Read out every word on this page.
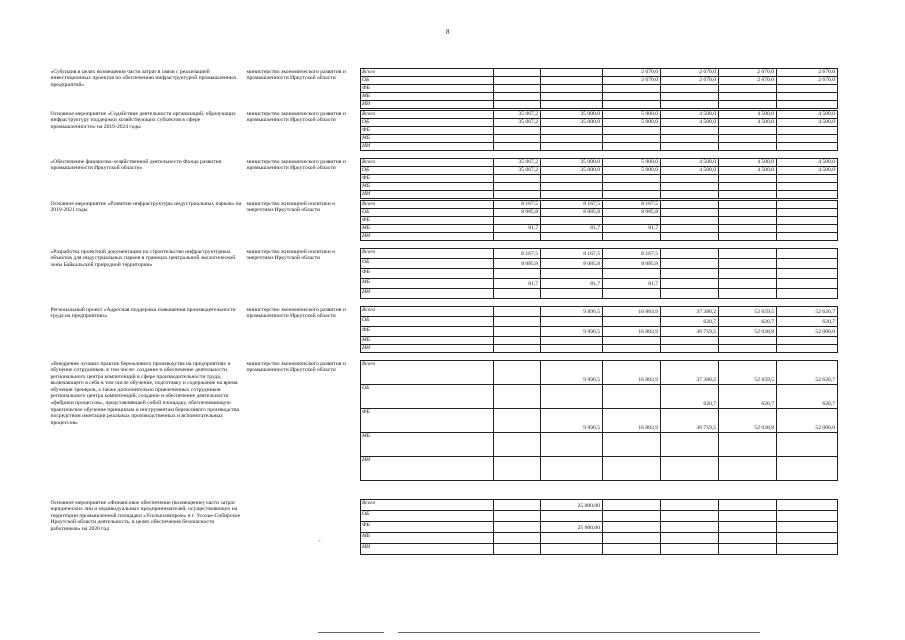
8
«Субсидия в целях возмещения части затрат в связи с реализацией инвестиционных проектов по обеспечению инфраструктурой промышленных предприятий»	министерство экономического развития и промышленности Иркутской области	Всего			2 670,0	2 670,0	2 670,0	2 670,0
		ОБ			2 670,0	2 670,0	2 670,0	2 670,0
		ФБ						
		МБ						
		ИИ						

Основное мероприятие «Содействие деятельности организаций, образующих инфраструктуру поддержки хозяйствующих субъектов в сфере промышленности» на 2019-2024 годы	министерство экономического развития и промышленности Иркутской области	Всего	35 067,2	35 000,0	5 000,0	4 500,0	4 500,0	4 500,0
		ОБ	35 067,2	35 000,0	5 000,0	4 500,0	4 500,0	4 500,0
		ФБ						
		МБ						
		ИИ						

«Обеспечение финансово-хозяйственной деятельности Фонда развития промышленности Иркутской области»	министерство экономического развития и промышленности Иркутской области	Всего	35 067,2	35 000,0	5 000,0	4 500,0	4 500,0	4 500,0
		ОБ	35 067,2	35 000,0	5 000,0	4 500,0	4 500,0	4 500,0
		ФБ						
		МБ						
		ИИ						

Основное мероприятие «Развитие инфраструктуры индустриальных парков» на 2019-2021 годы	министерство жилищной политики и энергетики Иркутской области	Всего	8 167,5	8 167,5	8 167,5			
		ОБ	8 085,8	8 085,8	8 085,8			
		ФБ						
		МБ	81,7	81,7	81,7			
		ИИ						

«Разработка проектной документации на строительство инфраструктурных объектов для индустриальных парков в границах центральной экологической зоны Байкальской природной территории»	министерство жилищной политики и энергетики Иркутской области	Всего	8 167,5	8 167,5	8 167,5			
		ОБ	8 085,8	8 085,8	8 085,8			
		ФБ						
		МБ	81,7	81,7	81,7			
		ИИ						

Региональный проект «Адресная поддержка повышения производительности труда на предприятиях»	министерство экономического развития и промышленности Иркутской области	Всего		9 896,5	16 883,9	37 380,2	52 659,5	52 620,7
		ОБ				620,7	620,7	620,7
		ФБ		9 896,5	16 883,9	36 759,5	52 038,8	52 000,0
		МБ						
		ИИ						

«Внедрение лучших практик бережливого производства на предприятиях и обучение сотрудников, в том числе: создание и обеспечение деятельности регионального центра компетенций в сфере производительности труда, включающего в себя в том числе обучение, подготовку и содержание на время обучения тренеров, а также дополнительно привлеченных сотрудников регионального центра компетенций, создание и обеспечение деятельности «фабрики процессов», представляющей собой площадку, обеспечивающую практическое обучение принципам и инструментам бережливого производства посредством имитации реальных производственных и вспомогательных процессов»	министерство экономического развития и промышленности Иркутской области	Всего		9 896,5	16 883,9	37 380,2	52 659,5	52 620,7
		ОБ				620,7	620,7	620,7
		ФБ		9 896,5	16 883,9	36 759,5	52 038,8	52 000,0
		МБ						
		ИИ						

Основное мероприятие «Финансовое обеспечение (возмещение) части затрат юридических лиц и индивидуальных предпринимателей, осуществляющих на территории промышленной площадки «Усольехимпром» в г. Усолье-Сибирское Иркутской области деятельность, в целях обеспечения безопасности работников» на 2020 год		Всего		25 000,00				
		ОБ						
		ФБ		25 000,00				
		МБ						
		ИИ						
-
